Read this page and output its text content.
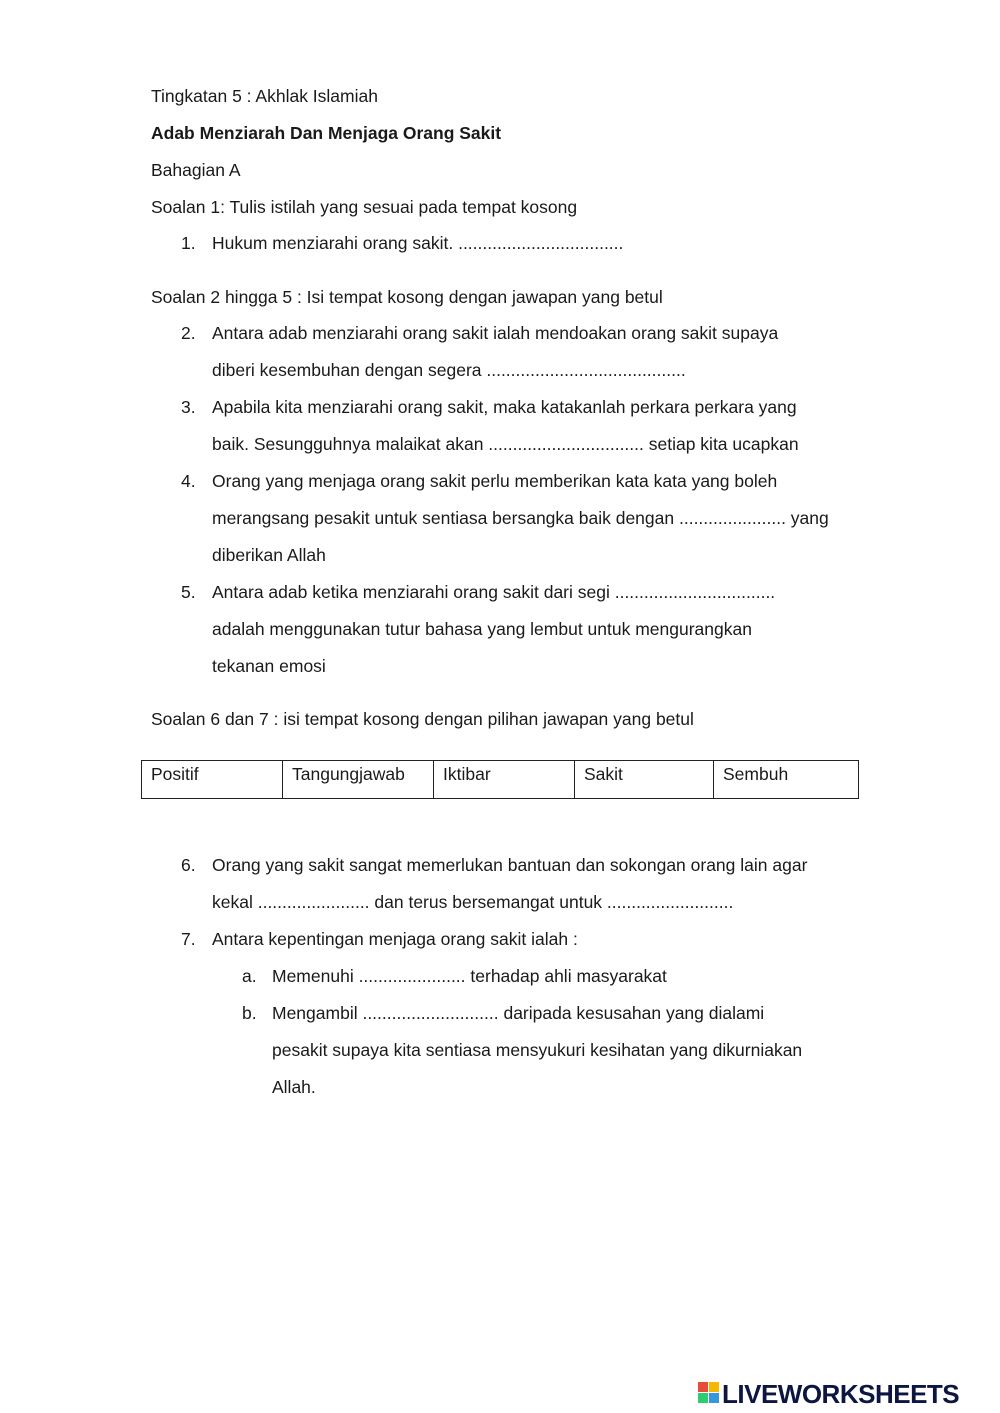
Tingkatan 5 : Akhlak Islamiah
Adab Menziarah Dan Menjaga Orang Sakit
Bahagian A
Soalan 1: Tulis istilah yang sesuai pada tempat kosong
1. Hukum menziarahi orang sakit. ..................................
Soalan 2 hingga 5 : Isi tempat kosong dengan jawapan yang betul
2. Antara adab menziarahi orang sakit ialah mendoakan orang sakit supaya
diberi kesembuhan dengan segera .........................................
3. Apabila kita menziarahi orang sakit, maka katakanlah perkara perkara yang
baik. Sesungguhnya malaikat akan ................................ setiap kita ucapkan
4. Orang yang menjaga orang sakit perlu memberikan kata kata yang boleh
merangsang pesakit untuk sentiasa bersangka baik dengan ...................... yang
diberikan Allah
5. Antara adab ketika menziarahi orang sakit dari segi .................................
adalah menggunakan tutur bahasa yang lembut untuk mengurangkan
tekanan emosi
Soalan 6 dan 7 : isi tempat kosong dengan pilihan jawapan yang betul
Positif	Tangungjawab	Iktibar	Sakit	Sembuh
6. Orang yang sakit sangat memerlukan bantuan dan sokongan orang lain agar
kekal ....................... dan terus bersemangat untuk ..........................
7. Antara kepentingan menjaga orang sakit ialah :
a. Memenuhi ...................... terhadap ahli masyarakat
b. Mengambil ............................ daripada kesusahan yang dialami
pesakit supaya kita sentiasa mensyukuri kesihatan yang dikurniakan
Allah.
LIVEWORKSHEETS
